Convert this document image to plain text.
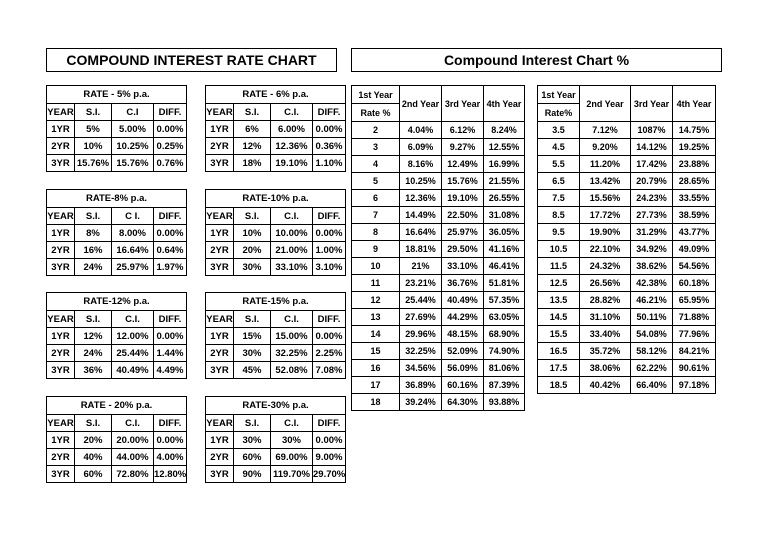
COMPOUND INTEREST RATE CHART	Compound Interest Chart %
RATE - 5% p.a.			
YEAR	S.I.	C.I	DIFF.
1YR	5%	5.00%	0.00%
2YR	10%	10.25%	0.25%
3YR	15.76%	15.76%	0.76%
RATE - 6% p.a.			
YEAR	S.I.	C.I.	DIFF.
1YR	6%	6.00%	0.00%
2YR	12%	12.36%	0.36%
3YR	18%	19.10%	1.10%
RATE-8% p.a.			
YEAR	S.I.	C I.	DIFF.
1YR	8%	8.00%	0.00%
2YR	16%	16.64%	0.64%
3YR	24%	25.97%	1.97%
RATE-10% p.a.			
YEAR	S.I.	C.I.	DIFF.
1YR	10%	10.00%	0.00%
2YR	20%	21.00%	1.00%
3YR	30%	33.10%	3.10%
RATE-12% p.a.			
YEAR	S.I.	C.I.	DIFF.
1YR	12%	12.00%	0.00%
2YR	24%	25.44%	1.44%
3YR	36%	40.49%	4.49%
RATE-15% p.a.			
YEAR	S.I.	C.I.	DIFF.
1YR	15%	15.00%	0.00%
2YR	30%	32.25%	2.25%
3YR	45%	52.08%	7.08%
RATE - 20% p.a.			
YEAR	S.I.	C.I.	DIFF.
1YR	20%	20.00%	0.00%
2YR	40%	44.00%	4.00%
3YR	60%	72.80%	12.80%
RATE-30% p.a.			
YEAR	S.I.	C.I.	DIFF.
1YR	30%	30%	0.00%
2YR	60%	69.00%	9.00%
3YR	90%	119.70%	29.70%
1st Year	2nd Year	3rd Year	4th Year
Rate %			
2	4.04%	6.12%	8.24%
3	6.09%	9.27%	12.55%
4	8.16%	12.49%	16.99%
5	10.25%	15.76%	21.55%
6	12.36%	19.10%	26.55%
7	14.49%	22.50%	31.08%
8	16.64%	25.97%	36.05%
9	18.81%	29.50%	41.16%
10	21%	33.10%	46.41%
11	23.21%	36.76%	51.81%
12	25.44%	40.49%	57.35%
13	27.69%	44.29%	63.05%
14	29.96%	48.15%	68.90%
15	32.25%	52.09%	74.90%
16	34.56%	56.09%	81.06%
17	36.89%	60.16%	87.39%
18	39.24%	64.30%	93.88%
1st Year	2nd Year	3rd Year	4th Year
Rate%			
3.5	7.12%	1087%	14.75%
4.5	9.20%	14.12%	19.25%
5.5	11.20%	17.42%	23.88%
6.5	13.42%	20.79%	28.65%
7.5	15.56%	24.23%	33.55%
8.5	17.72%	27.73%	38.59%
9.5	19.90%	31.29%	43.77%
10.5	22.10%	34.92%	49.09%
11.5	24.32%	38.62%	54.56%
12.5	26.56%	42.38%	60.18%
13.5	28.82%	46.21%	65.95%
14.5	31.10%	50.11%	71.88%
15.5	33.40%	54.08%	77.96%
16.5	35.72%	58.12%	84.21%
17.5	38.06%	62.22%	90.61%
18.5	40.42%	66.40%	97.18%
